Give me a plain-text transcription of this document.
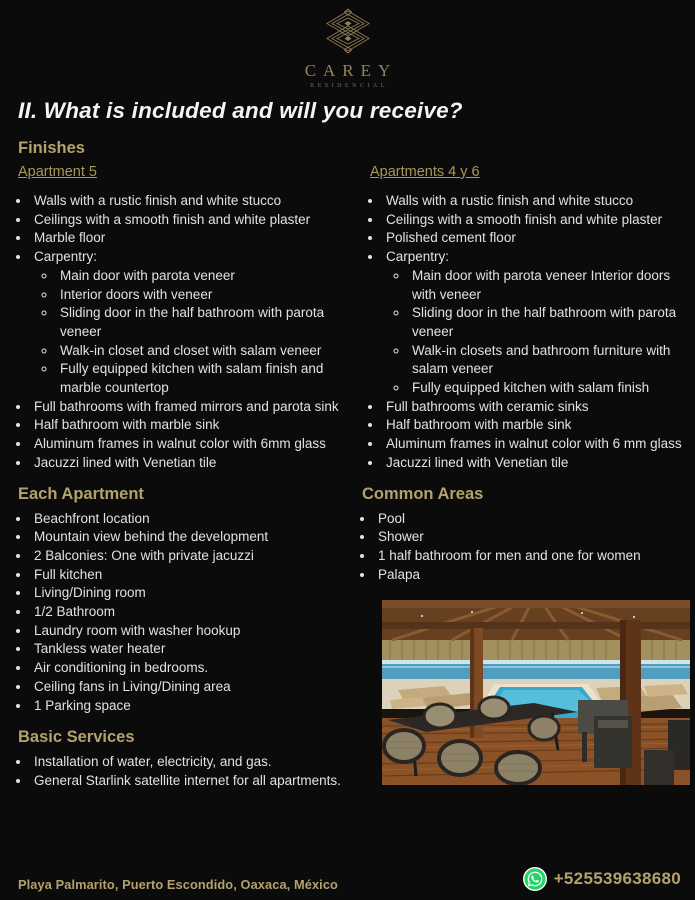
CAREY
RESIDENCIAL
II. What is included and will you receive?
Finishes
Apartment 5
• Walls with a rustic finish and white stucco
• Ceilings with a smooth finish and white plaster
• Marble floor
• Carpentry:
◦ Main door with parota veneer
◦ Interior doors with veneer
◦ Sliding door in the half bathroom with parota veneer
◦ Walk-in closet and closet with salam veneer
◦ Fully equipped kitchen with salam finish and marble countertop
• Full bathrooms with framed mirrors and parota sink
• Half bathroom with marble sink
• Aluminum frames in walnut color with 6mm glass
• Jacuzzi lined with Venetian tile
Apartments 4 y 6
• Walls with a rustic finish and white stucco
• Ceilings with a smooth finish and white plaster
• Polished cement floor
• Carpentry:
◦ Main door with parota veneer Interior doors with veneer
◦ Sliding door in the half bathroom with parota veneer
◦ Walk-in closets and bathroom furniture with salam veneer
◦ Fully equipped kitchen with salam finish
• Full bathrooms with ceramic sinks
• Half bathroom with marble sink
• Aluminum frames in walnut color with 6 mm glass
• Jacuzzi lined with Venetian tile
Each Apartment
• Beachfront location
• Mountain view behind the development
• 2 Balconies: One with private jacuzzi
• Full kitchen
• Living/Dining room
• 1/2 Bathroom
• Laundry room with washer hookup
• Tankless water heater
• Air conditioning in bedrooms.
• Ceiling fans in Living/Dining area
• 1 Parking space
Basic Services
• Installation of water, electricity, and gas.
• General Starlink satellite internet for all apartments.
Common Areas
• Pool
• Shower
• 1 half bathroom for men and one for women
• Palapa
Playa Palmarito, Puerto Escondido, Oaxaca, México	+525539638680
